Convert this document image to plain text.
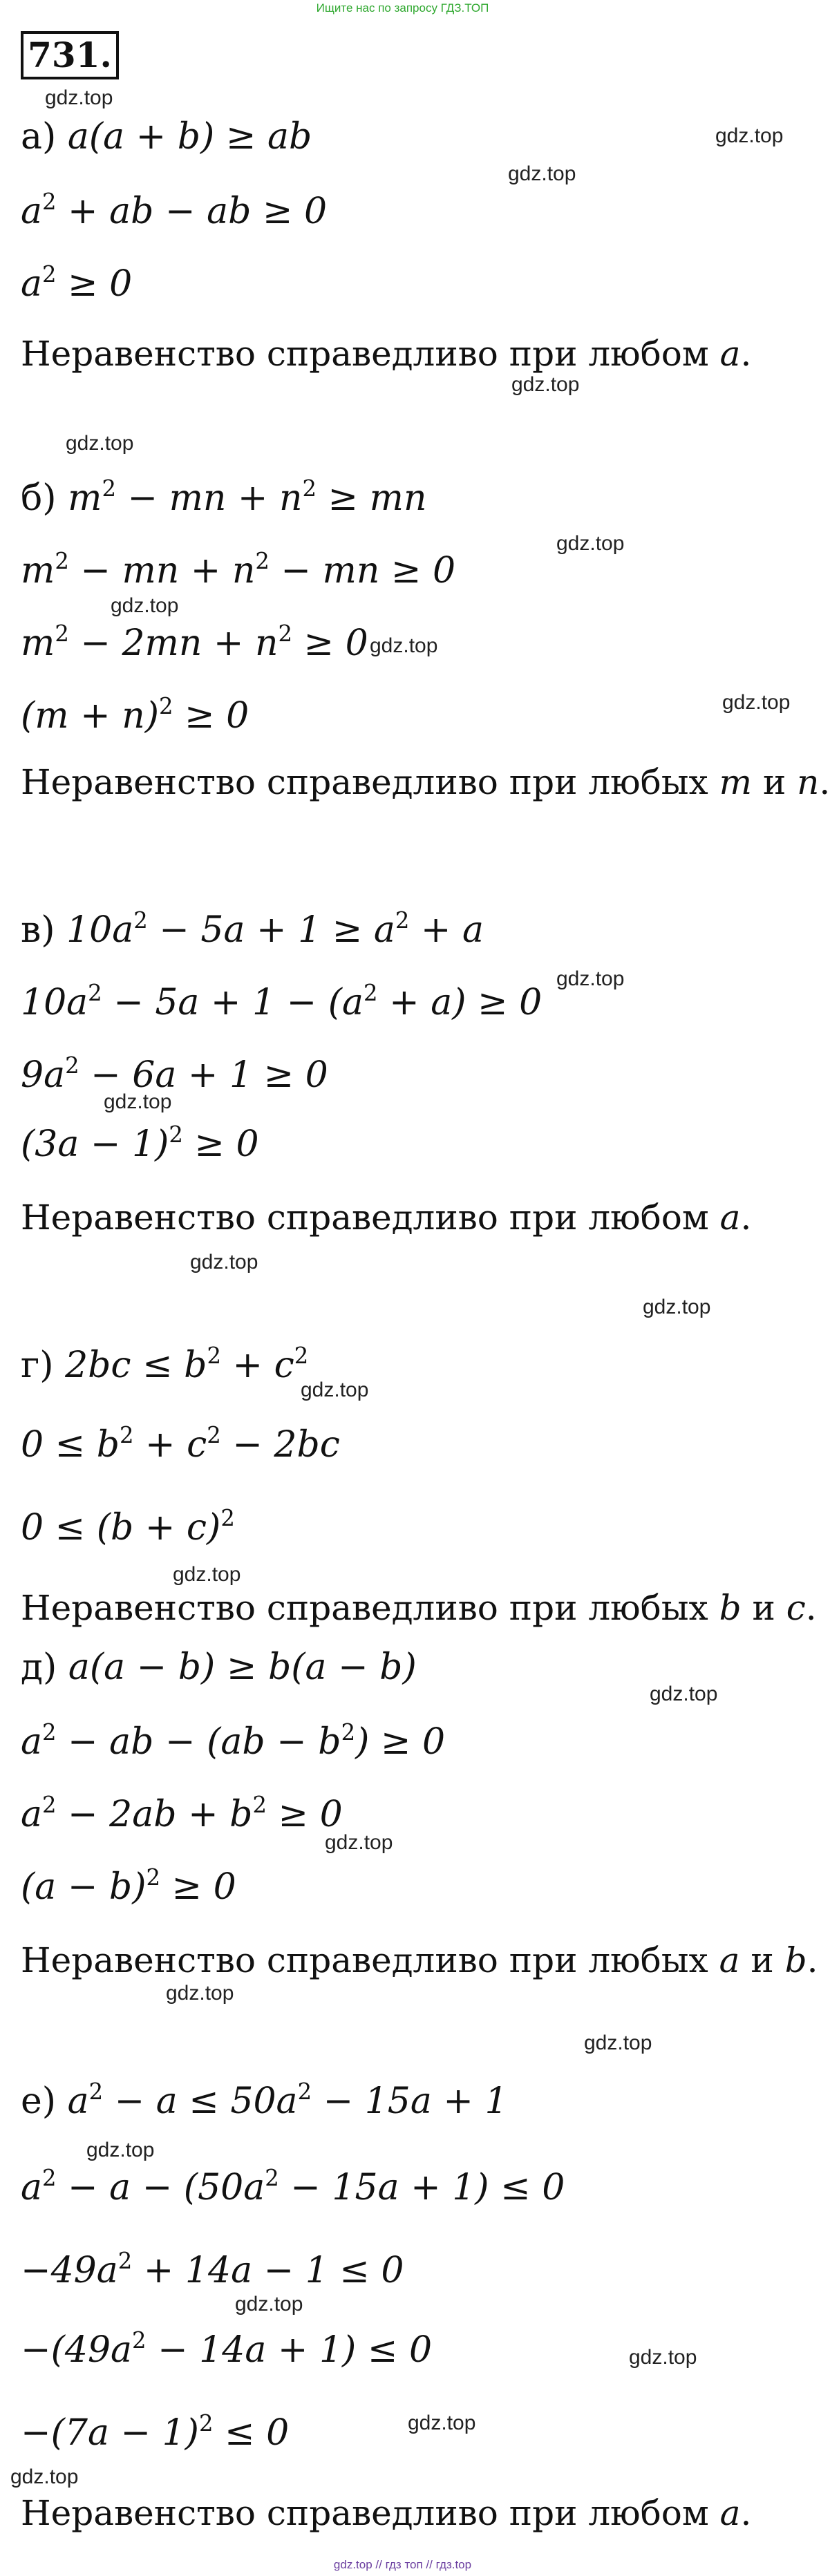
Ищите нас по запросу ГДЗ.ТОП
731.
а) a(a + b) ≥ ab
$a^2$ + ab − ab ≥ 0
$a^2 \ge 0$
Неравенство справедливо при любом a.
б) $m^2$ − mn + $n^2$ ≥ mn
$m^2$ − mn + $n^2$ − mn ≥ 0
$m^2 - 2mn + n^2 \ge 0$
$(m + n)^2 \ge 0$
Неравенство справедливо при любых m и n.
в) $10a^2 - 5a + 1 \ge a^2 + a$
$10a^2 - 5a + 1 - (a^2 + a) \ge 0$
$9a^2 - 6a + 1 \ge 0$
$(3a - 1)^2 \ge 0$
Неравенство справедливо при любом a.
г) $2bc \le b^2 + c^2$
$0 \le b^2 + c^2 - 2bc$
$0 \le (b + c)^2$
Неравенство справедливо при любых b и c.
д) a(a − b) ≥ b(a − b)
$a^2$ − ab − $(ab - b^2) \ge 0$
$a^2 - 2ab + b^2 \ge 0$
$(a - b)^2 \ge 0$
Неравенство справедливо при любых a и b.
е) $a^2 - a \le 50a^2 - 15a + 1$
$a^2 - a - (50a^2 - 15a + 1) \le 0$
$-49a^2 + 14a - 1 \le 0$
$-(49a^2 - 14a + 1) \le 0$
$-(7a - 1)^2 \le 0$
Неравенство справедливо при любом a.
gdz.top
gdz.top
gdz.top
gdz.top
gdz.top
gdz.top
gdz.top
gdz.top
gdz.top
gdz.top
gdz.top
gdz.top
gdz.top
gdz.top
gdz.top
gdz.top
gdz.top
gdz.top
gdz.top
gdz.top
gdz.top
gdz.top
gdz.top
gdz.top
gdz.top // гдз топ // гдз.top
